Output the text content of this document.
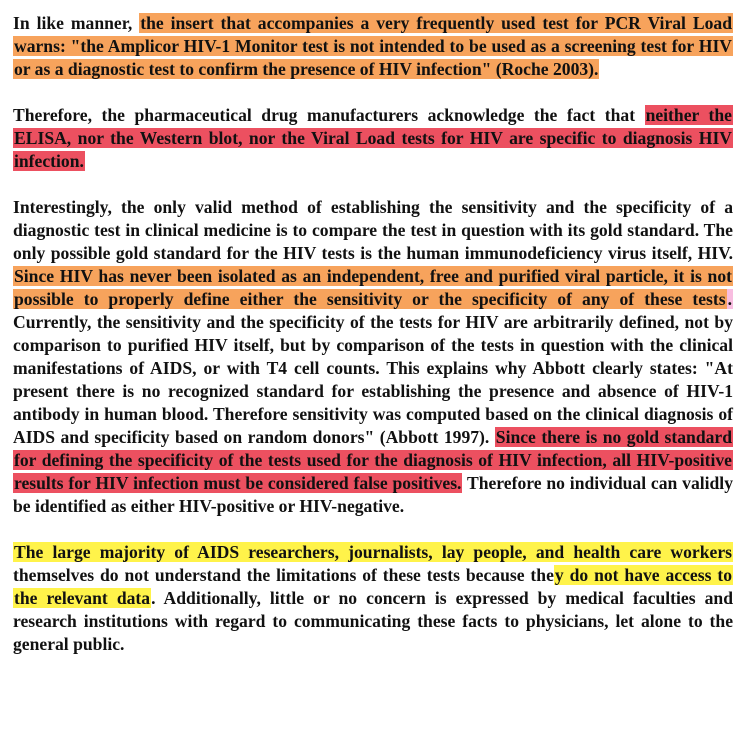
In like manner, the insert that accompanies a very frequently used test for PCR Viral Load warns: "the Amplicor HIV-1 Monitor test is not intended to be used as a screening test for HIV or as a diagnostic test to confirm the presence of HIV infection" (Roche 2003).

Therefore, the pharmaceutical drug manufacturers acknowledge the fact that neither the ELISA, nor the Western blot, nor the Viral Load tests for HIV are specific to diagnosis HIV infection.

Interestingly, the only valid method of establishing the sensitivity and the specificity of a diagnostic test in clinical medicine is to compare the test in question with its gold standard. The only possible gold standard for the HIV tests is the human immunodeficiency virus itself, HIV. Since HIV has never been isolated as an independent, free and purified viral particle, it is not possible to properly define either the sensitivity or the specificity of any of these tests . Currently, the sensitivity and the specificity of the tests for HIV are arbitrarily defined, not by comparison to purified HIV itself, but by comparison of the tests in question with the clinical manifestations of AIDS, or with T4 cell counts. This explains why Abbott clearly states: "At present there is no recognized standard for establishing the presence and absence of HIV-1 antibody in human blood. Therefore sensitivity was computed based on the clinical diagnosis of AIDS and specificity based on random donors" (Abbott 1997). Since there is no gold standard for defining the specificity of the tests used for the diagnosis of HIV infection, all HIV-positive results for HIV infection must be considered false positives. Therefore no individual can validly be identified as either HIV-positive or HIV-negative.

The large majority of AIDS researchers, journalists, lay people, and health care workers themselves do not understand the limitations of these tests because they do not have access to the relevant data. Additionally, little or no concern is expressed by medical faculties and research institutions with regard to communicating these facts to physicians, let alone to the general public.
